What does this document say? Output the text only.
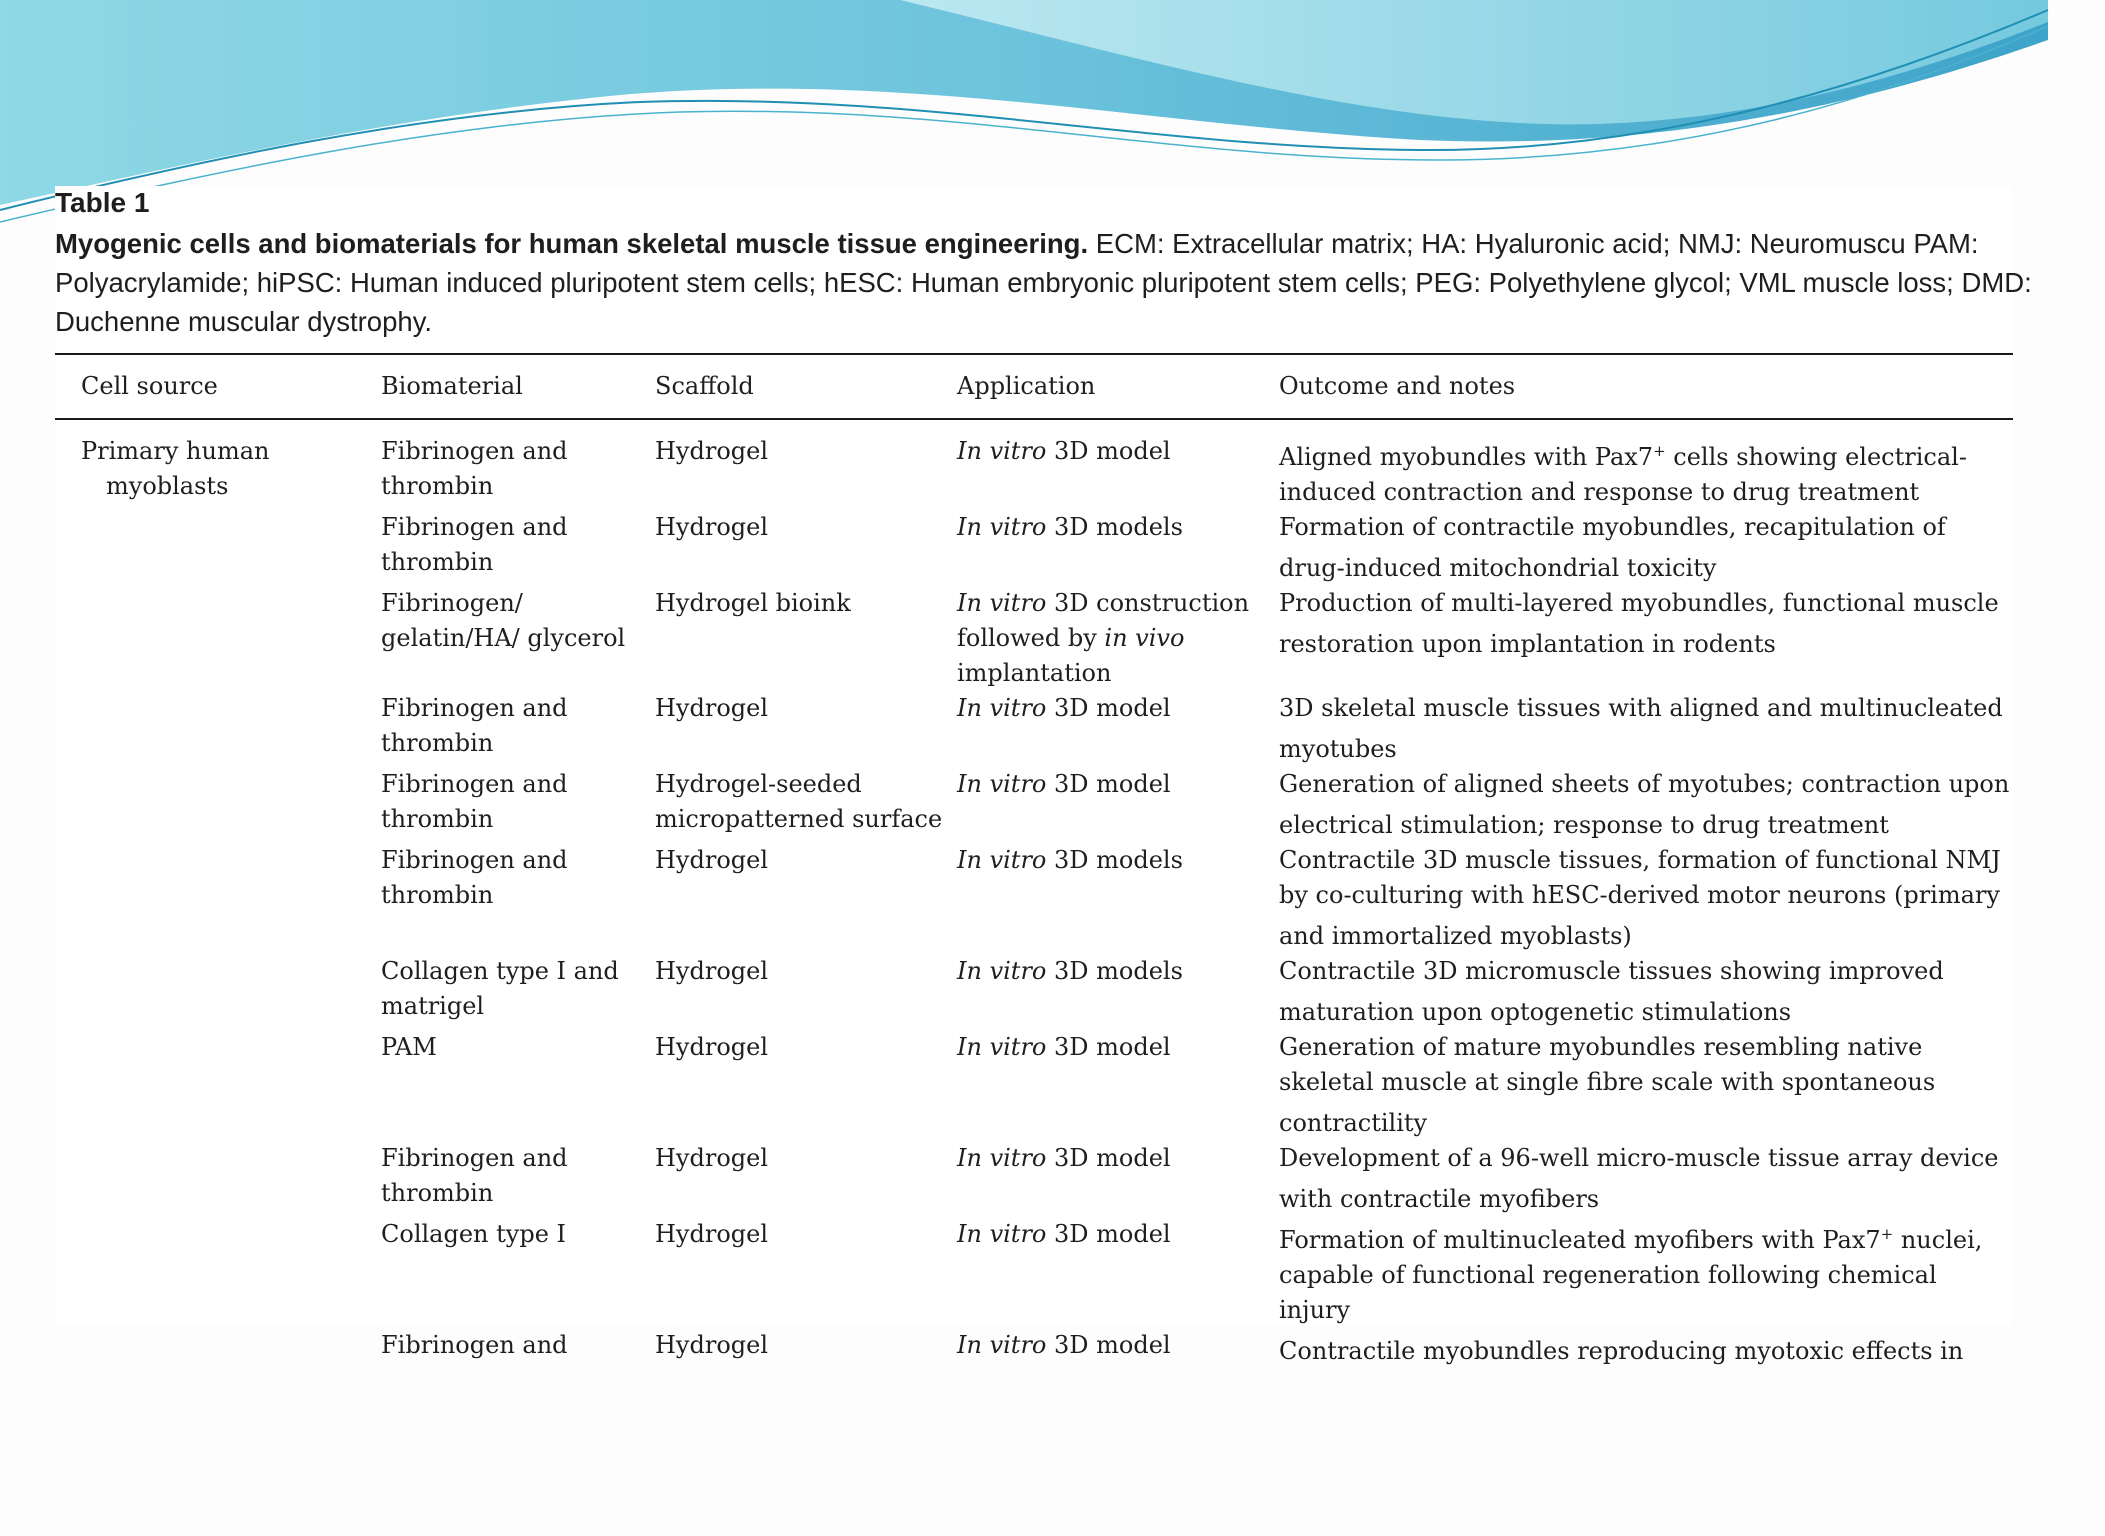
Table 1

Myogenic cells and biomaterials for human skeletal muscle tissue engineering. ECM: Extracellular matrix; HA: Hyaluronic acid; NMJ: Neuromuscu PAM: Polyacrylamide; hiPSC: Human induced pluripotent stem cells; hESC: Human embryonic pluripotent stem cells; PEG: Polyethylene glycol; VML muscle loss; DMD: Duchenne muscular dystrophy.

Cell source	Biomaterial	Scaffold	Application	Outcome and notes

Primary human myoblasts	Fibrinogen and thrombin	Hydrogel	In vitro 3D model	Aligned myobundles with Pax7+ cells showing electrical-induced contraction and response to drug treatment
	Fibrinogen and thrombin	Hydrogel	In vitro 3D models	Formation of contractile myobundles, recapitulation of drug-induced mitochondrial toxicity
	Fibrinogen/ gelatin/HA/ glycerol	Hydrogel bioink	In vitro 3D construction followed by in vivo implantation	Production of multi-layered myobundles, functional muscle restoration upon implantation in rodents
	Fibrinogen and thrombin	Hydrogel	In vitro 3D model	3D skeletal muscle tissues with aligned and multinucleated myotubes
	Fibrinogen and thrombin	Hydrogel-seeded micropatterned surface	In vitro 3D model	Generation of aligned sheets of myotubes; contraction upon electrical stimulation; response to drug treatment
	Fibrinogen and thrombin	Hydrogel	In vitro 3D models	Contractile 3D muscle tissues, formation of functional NMJ by co-culturing with hESC-derived motor neurons (primary and immortalized myoblasts)
	Collagen type I and matrigel	Hydrogel	In vitro 3D models	Contractile 3D micromuscle tissues showing improved maturation upon optogenetic stimulations
	PAM	Hydrogel	In vitro 3D model	Generation of mature myobundles resembling native skeletal muscle at single fibre scale with spontaneous contractility
	Fibrinogen and thrombin	Hydrogel	In vitro 3D model	Development of a 96-well micro-muscle tissue array device with contractile myofibers
	Collagen type I	Hydrogel	In vitro 3D model	Formation of multinucleated myofibers with Pax7+ nuclei, capable of functional regeneration following chemical injury
	Fibrinogen and	Hydrogel	In vitro 3D model	Contractile myobundles reproducing myotoxic effects in
